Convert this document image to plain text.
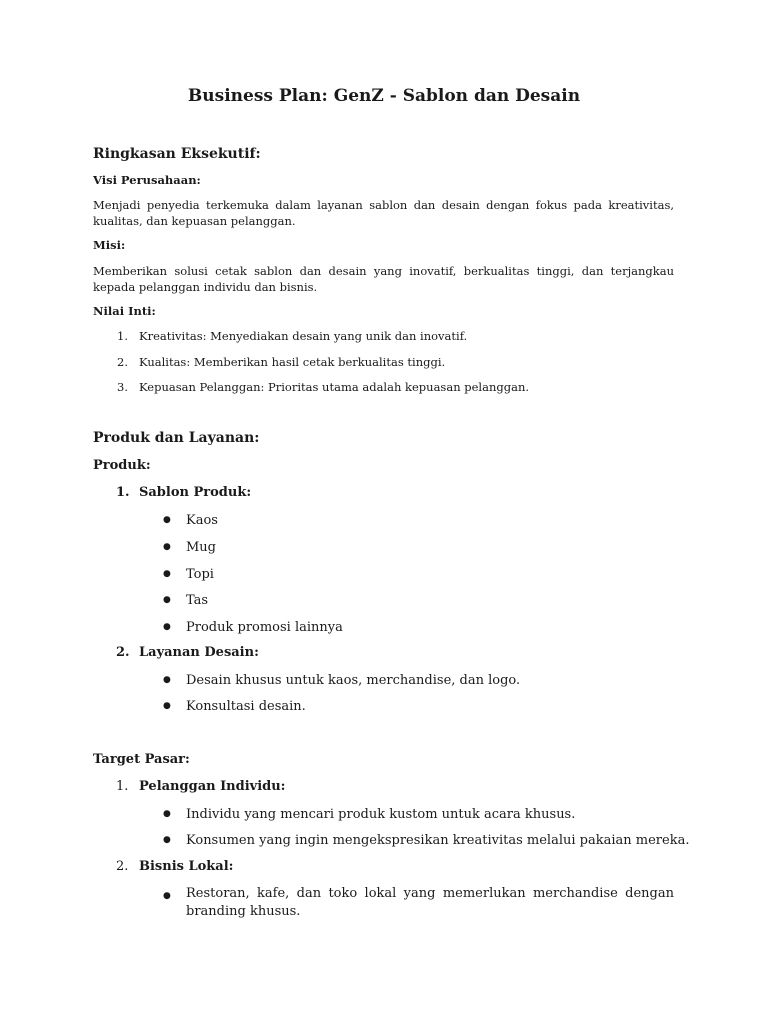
Business Plan: GenZ - Sablon dan Desain
Ringkasan Eksekutif:
Visi Perusahaan:
Menjadi penyedia terkemuka dalam layanan sablon dan desain dengan fokus pada kreativitas, kualitas, dan kepuasan pelanggan.
Misi:
Memberikan solusi cetak sablon dan desain yang inovatif, berkualitas tinggi, dan terjangkau kepada pelanggan individu dan bisnis.
Nilai Inti:
1. Kreativitas: Menyediakan desain yang unik dan inovatif.
2. Kualitas: Memberikan hasil cetak berkualitas tinggi.
3. Kepuasan Pelanggan: Prioritas utama adalah kepuasan pelanggan.
Produk dan Layanan:
Produk:
1. Sablon Produk:
● Kaos
● Mug
● Topi
● Tas
● Produk promosi lainnya
2. Layanan Desain:
● Desain khusus untuk kaos, merchandise, dan logo.
● Konsultasi desain.
Target Pasar:
1. Pelanggan Individu:
● Individu yang mencari produk kustom untuk acara khusus.
● Konsumen yang ingin mengekspresikan kreativitas melalui pakaian mereka.
2. Bisnis Lokal:
●	Restoran, kafe, dan toko lokal yang memerlukan merchandise dengan branding khusus.
